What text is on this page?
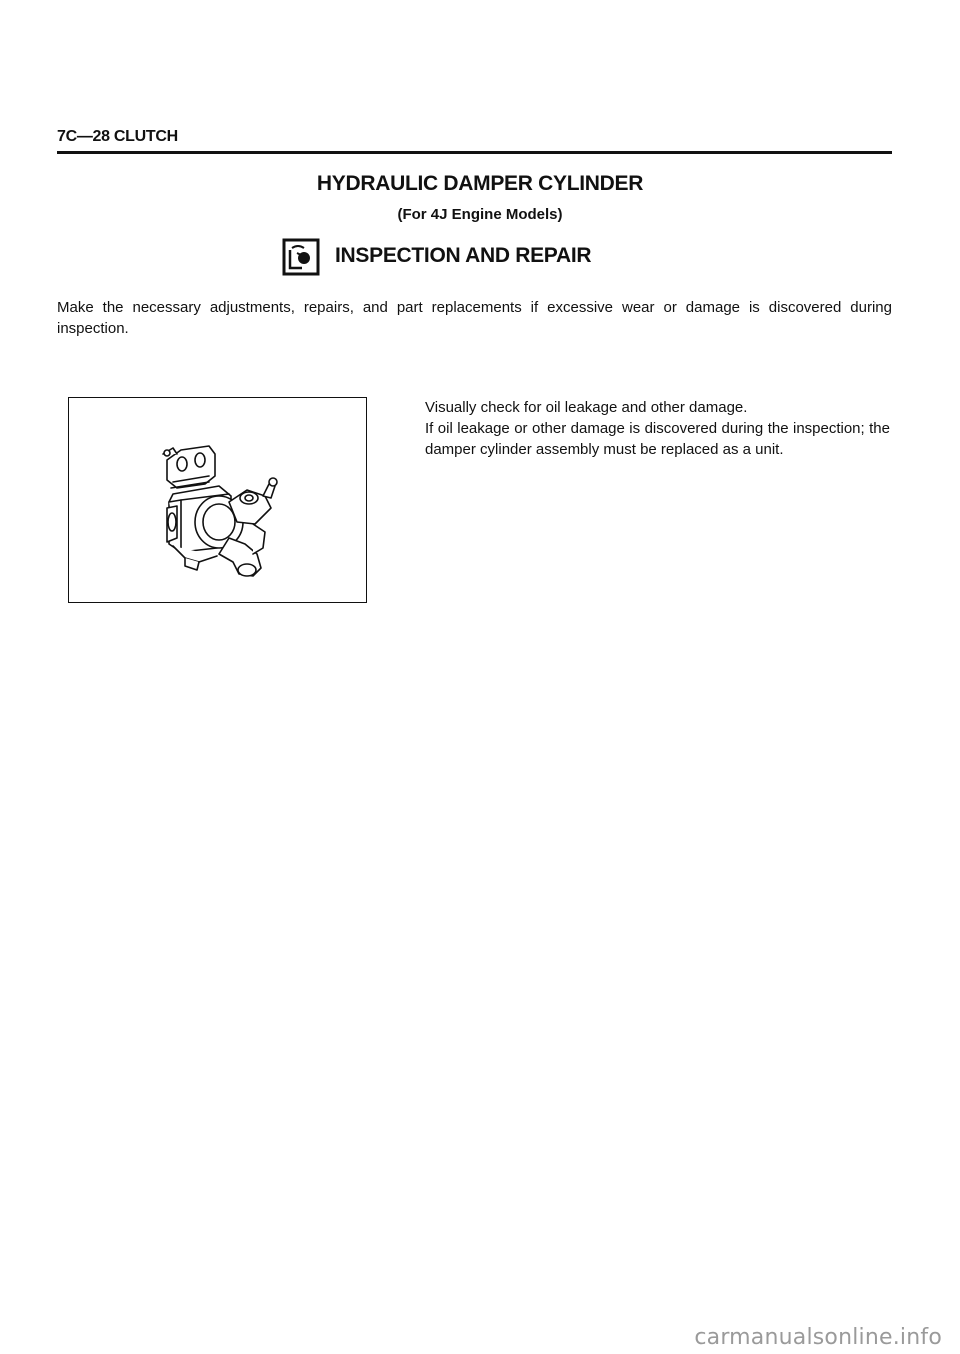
7C—28 CLUTCH
HYDRAULIC DAMPER CYLINDER
(For 4J Engine Models)
INSPECTION AND REPAIR
Make the necessary adjustments, repairs, and part replacements if excessive wear or damage is discovered during inspection.

Visually check for oil leakage and other damage.

If oil leakage or other damage is discovered during the inspection; the damper cylinder assembly must be replaced as a unit.

carmanualsonline.info
